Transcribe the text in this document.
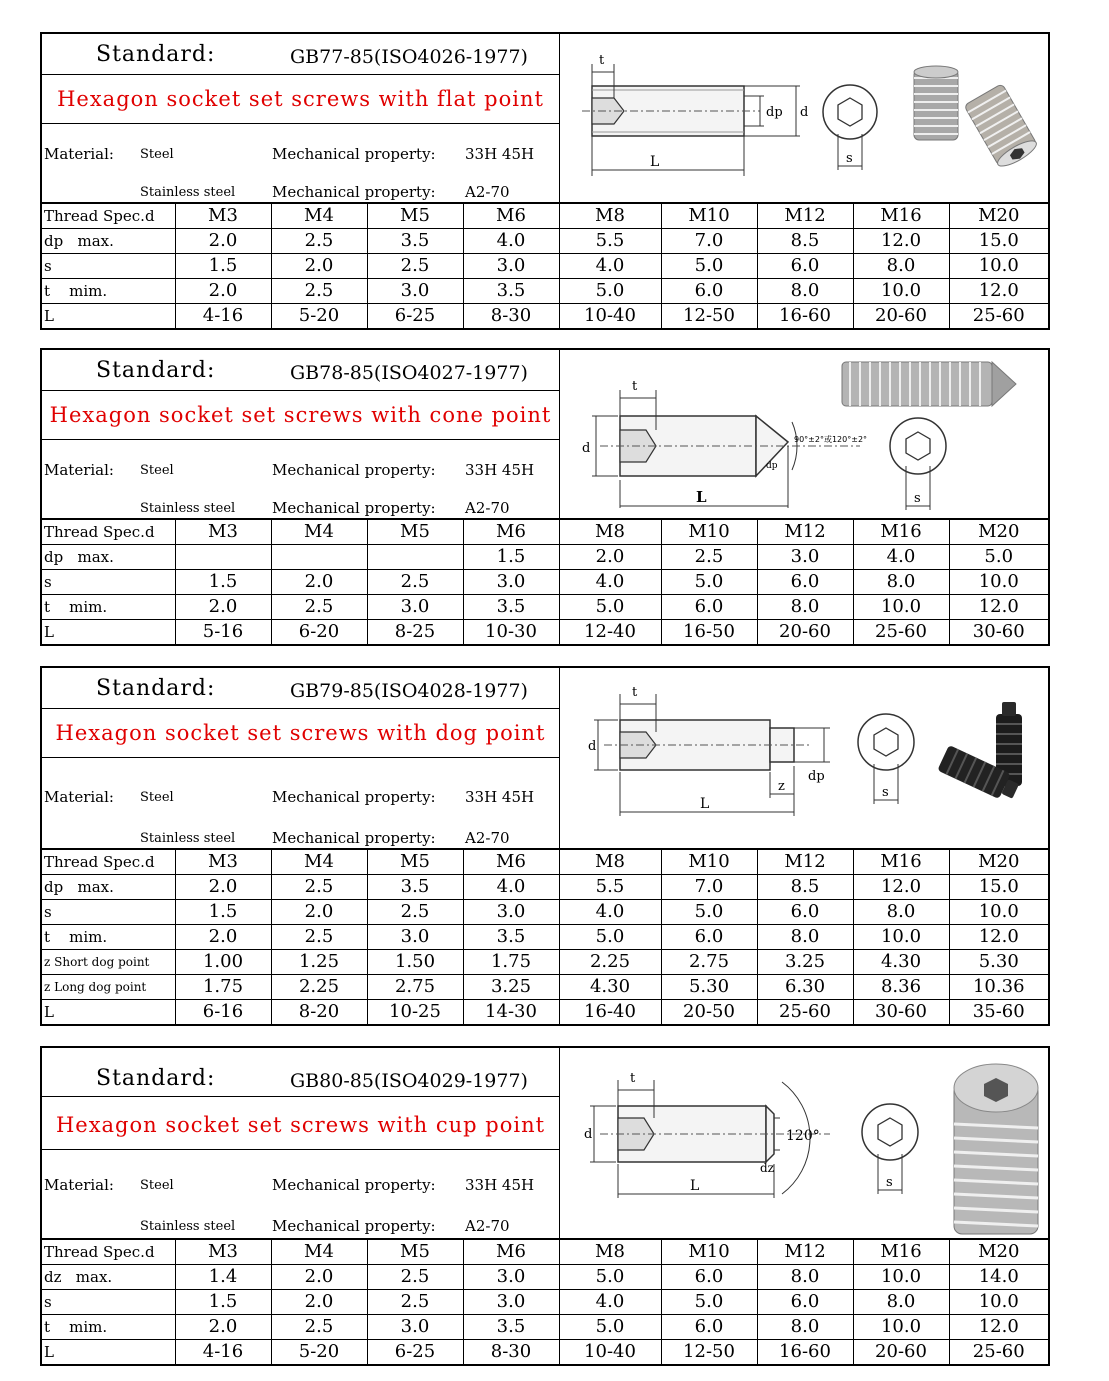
Standard:	GB77-85(ISO4026-1977)
Hexagon socket set screws with flat point
Material: Steel	Mechanical property: 33H 45H
Stainless steel Mechanical property: A2-70
t
L
dp d
s
Thread Spec.d	M3	M4	M5	M6	M8	M10	M12	M16	M20
dp   max.	2.0	2.5	3.5	4.0	5.5	7.0	8.5	12.0	15.0
s	1.5	2.0	2.5	3.0	4.0	5.0	6.0	8.0	10.0
t    mim.	2.0	2.5	3.0	3.5	5.0	6.0	8.0	10.0	12.0
L	4-16	5-20	6-25	8-30	10-40	12-50	16-60	20-60	25-60
Standard:	GB78-85(ISO4027-1977)
Hexagon socket set screws with cone point
Material: Steel	Mechanical property: 33H 45H
Stainless steel Mechanical property: A2-70
t
d
L
90°±2°或120°±2°
dp
s
Thread Spec.d	M3	M4	M5	M6	M8	M10	M12	M16	M20
dp   max.				1.5	2.0	2.5	3.0	4.0	5.0
s	1.5	2.0	2.5	3.0	4.0	5.0	6.0	8.0	10.0
t    mim.	2.0	2.5	3.0	3.5	5.0	6.0	8.0	10.0	12.0
L	5-16	6-20	8-25	10-30	12-40	16-50	20-60	25-60	30-60
Standard:	GB79-85(ISO4028-1977)
Hexagon socket set screws with dog point
Material: Steel	Mechanical property: 33H 45H
Stainless steel Mechanical property: A2-70
t
d
dp
z
L
s
Thread Spec.d	M3	M4	M5	M6	M8	M10	M12	M16	M20
dp   max.	2.0	2.5	3.5	4.0	5.5	7.0	8.5	12.0	15.0
s	1.5	2.0	2.5	3.0	4.0	5.0	6.0	8.0	10.0
t    mim.	2.0	2.5	3.0	3.5	5.0	6.0	8.0	10.0	12.0
z Short dog point	1.00	1.25	1.50	1.75	2.25	2.75	3.25	4.30	5.30
z Long dog point	1.75	2.25	2.75	3.25	4.30	5.30	6.30	8.36	10.36
L	6-16	8-20	10-25	14-30	16-40	20-50	25-60	30-60	35-60
Standard:	GB80-85(ISO4029-1977)
Hexagon socket set screws with cup point
Material: Steel	Mechanical property: 33H 45H
Stainless steel Mechanical property: A2-70
t
d	120°
dz
L	s
Thread Spec.d	M3	M4	M5	M6	M8	M10	M12	M16	M20
dz   max.	1.4	2.0	2.5	3.0	5.0	6.0	8.0	10.0	14.0
s	1.5	2.0	2.5	3.0	4.0	5.0	6.0	8.0	10.0
t    mim.	2.0	2.5	3.0	3.5	5.0	6.0	8.0	10.0	12.0
L	4-16	5-20	6-25	8-30	10-40	12-50	16-60	20-60	25-60
